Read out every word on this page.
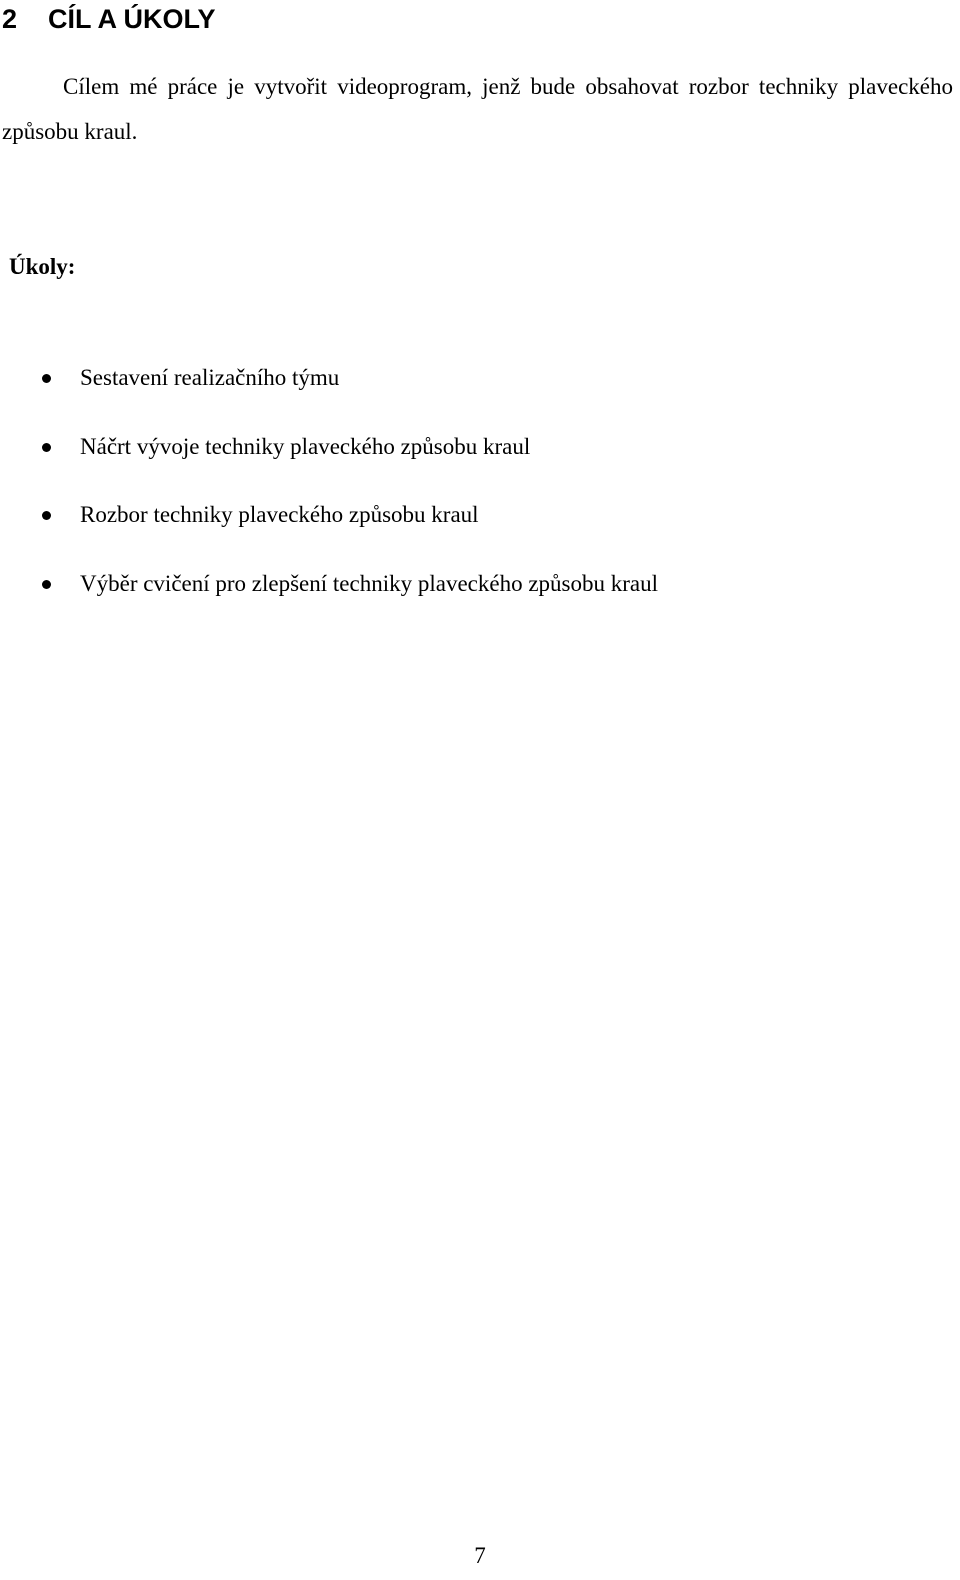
2 CÍL A ÚKOLY

Cílem mé práce je vytvořit videoprogram, jenž bude obsahovat rozbor techniky plaveckého způsobu kraul.

Úkoly:

Sestavení realizačního týmu
Náčrt vývoje techniky plaveckého způsobu kraul
Rozbor techniky plaveckého způsobu kraul
Výběr cvičení pro zlepšení techniky plaveckého způsobu kraul
7
